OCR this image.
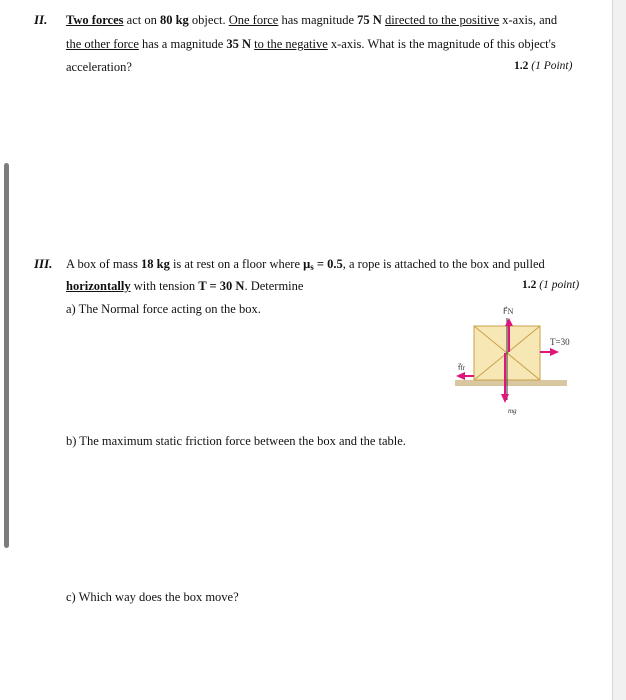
II. Two forces act on 80 kg object. One force has magnitude 75 N directed to the positive x-axis, and
the other force has a magnitude 35 N to the negative x-axis. What is the magnitude of this object's
acceleration?	1.2 (1 Point)
III. A box of mass 18 kg is at rest on a floor where μs = 0.5, a rope is attached to the box and pulled
horizontally with tension T = 30 N. Determine	1.2 (1 point)
a) The Normal force acting on the box.
b) The maximum static friction force between the box and the table.
c) Which way does the box move?
F⃗N
T=30
f⃗fr
mg⃗
